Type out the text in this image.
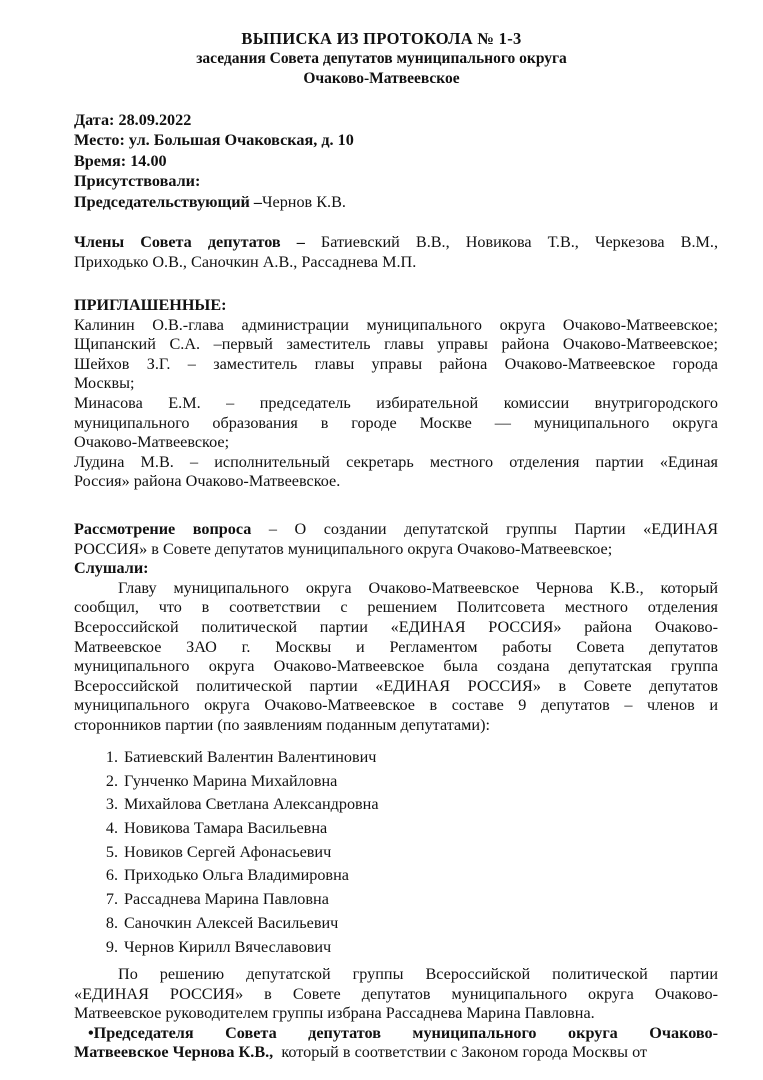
ВЫПИСКА ИЗ ПРОТОКОЛА № 1-3
заседания Совета депутатов муниципального округа
Очаково-Матвеевское
Дата: 28.09.2022
Место: ул. Большая Очаковская, д. 10
Время: 14.00
Присутствовали:
Председательствующий –Чернов К.В.
Члены Совета депутатов – Батиевский В.В., Новикова Т.В., Черкезова В.М.,
Приходько О.В., Саночкин А.В., Рассаднева М.П.
ПРИГЛАШЕННЫЕ:
Калинин О.В.-глава администрации муниципального округа Очаково-Матвеевское;
Щипанский С.А. –первый заместитель главы управы района Очаково-Матвеевское;
Шейхов З.Г. – заместитель главы управы района Очаково-Матвеевское города
Москвы;
Минасова Е.М. – председатель избирательной комиссии внутригородского
муниципального образования в городе Москве — муниципального округа
Очаково-Матвеевское;
Лудина М.В. – исполнительный секретарь местного отделения партии «Единая
Россия» района Очаково-Матвеевское.
Рассмотрение вопроса – О создании депутатской группы Партии «ЕДИНАЯ
РОССИЯ» в Совете депутатов муниципального округа Очаково-Матвеевское;
Слушали:
Главу муниципального округа Очаково-Матвеевское Чернова К.В., который
сообщил, что в соответствии с решением Политсовета местного отделения
Всероссийской политической партии «ЕДИНАЯ РОССИЯ» района Очаково-
Матвеевское ЗАО г. Москвы и Регламентом работы Совета депутатов
муниципального округа Очаково-Матвеевское была создана депутатская группа
Всероссийской политической партии «ЕДИНАЯ РОССИЯ» в Совете депутатов
муниципального округа Очаково-Матвеевское в составе 9 депутатов – членов и
сторонников партии (по заявлениям поданным депутатами):
1. Батиевский Валентин Валентинович
2. Гунченко Марина Михайловна
3. Михайлова Светлана Александровна
4. Новикова Тамара Васильевна
5. Новиков Сергей Афонасьевич
6. Приходько Ольга Владимировна
7. Рассаднева Марина Павловна
8. Саночкин Алексей Васильевич
9. Чернов Кирилл Вячеславович
По решению депутатской группы Всероссийской политической партии
«ЕДИНАЯ РОССИЯ» в Совете депутатов муниципального округа Очаково-
Матвеевское руководителем группы избрана Рассаднева Марина Павловна.
•Председателя Совета депутатов муниципального округа Очаково-
Матвеевское Чернова К.В.,  который в соответствии с Законом города Москвы от
